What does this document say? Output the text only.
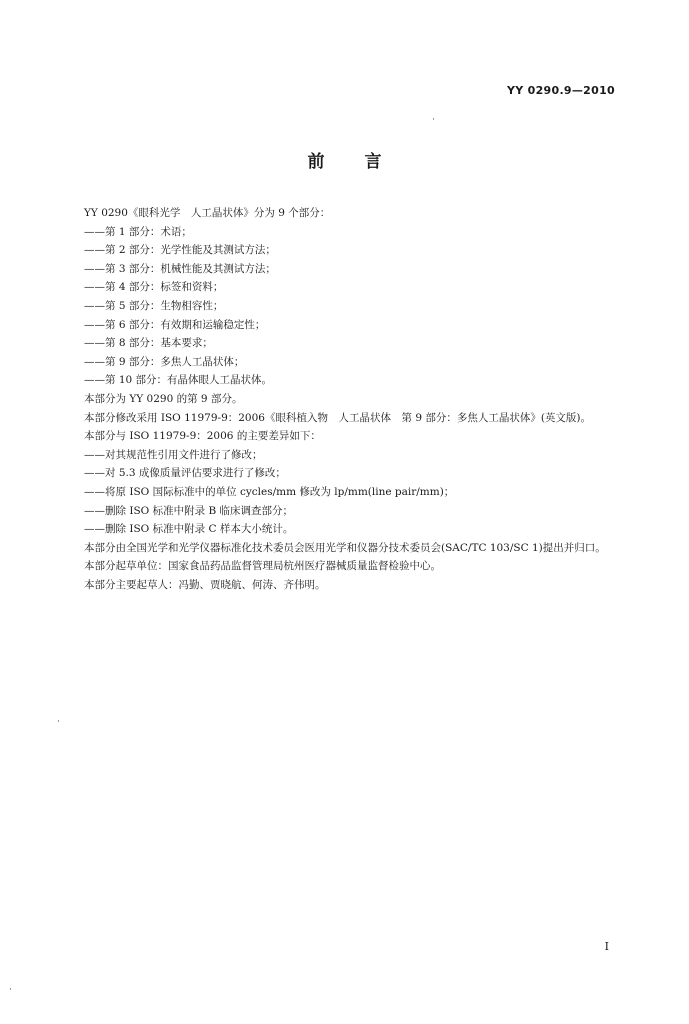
YY 0290.9—2010
前言

YY 0290《眼科光学　人工晶状体》分为 9 个部分：

——第 1 部分：术语；

——第 2 部分：光学性能及其测试方法；

——第 3 部分：机械性能及其测试方法；

——第 4 部分：标签和资料；

——第 5 部分：生物相容性；

——第 6 部分：有效期和运输稳定性；

——第 8 部分：基本要求；

——第 9 部分：多焦人工晶状体；

——第 10 部分：有晶体眼人工晶状体。

本部分为 YY 0290 的第 9 部分。

本部分修改采用 ISO 11979-9：2006《眼科植入物　人工晶状体　第 9 部分：多焦人工晶状体》(英文版)。

本部分与 ISO 11979-9：2006 的主要差异如下：

——对其规范性引用文件进行了修改；

——对 5.3 成像质量评估要求进行了修改；

——将原 ISO 国际标准中的单位 cycles/mm 修改为 lp/mm(line pair/mm)；

——删除 ISO 标准中附录 B 临床调查部分；

——删除 ISO 标准中附录 C 样本大小统计。

本部分由全国光学和光学仪器标准化技术委员会医用光学和仪器分技术委员会(SAC/TC 103/SC 1)提出并归口。

本部分起草单位：国家食品药品监督管理局杭州医疗器械质量监督检验中心。

本部分主要起草人：冯勤、贾晓航、何涛、齐伟明。

I
